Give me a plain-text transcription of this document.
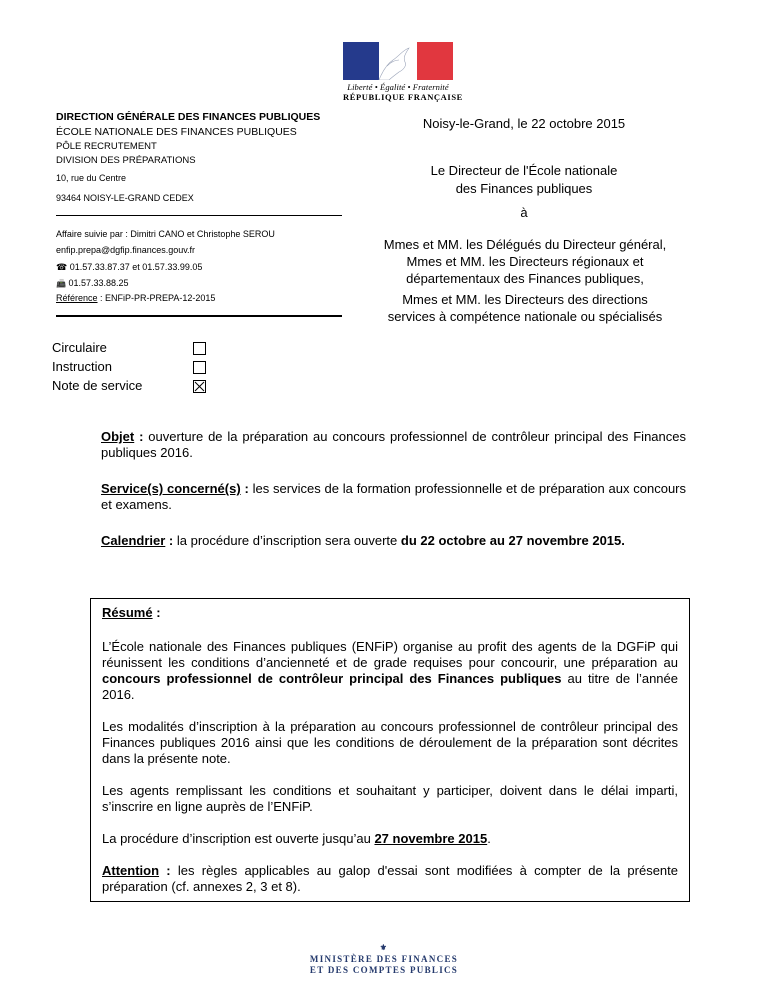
Liberté • Égalité • Fraternité
RÉPUBLIQUE FRANÇAISE
DIRECTION GÉNÉRALE DES FINANCES PUBLIQUES
ÉCOLE NATIONALE DES FINANCES PUBLIQUES
PÔLE RECRUTEMENT
DIVISION DES PRÉPARATIONS
10, rue du Centre
93464 NOISY-LE-GRAND CEDEX
Affaire suivie par : Dimitri CANO et Christophe SEROU
enfip.prepa@dgfip.finances.gouv.fr
☎ 01.57.33.87.37 et 01.57.33.99.05
📠 01.57.33.88.25
Référence : ENFiP-PR-PREPA-12-2015
Noisy-le-Grand, le 22 octobre 2015
Le Directeur de l'École nationale
des Finances publiques
à
Mmes et MM. les Délégués du Directeur général,
Mmes et MM. les Directeurs régionaux et
départementaux des Finances publiques,
Mmes et MM. les Directeurs des directions
services à compétence nationale ou spécialisés
Circulaire
Instruction
Note de service
Objet : ouverture de la préparation au concours professionnel de contrôleur principal des Finances publiques 2016.
Service(s) concerné(s) : les services de la formation professionnelle et de préparation aux concours et examens.
Calendrier : la procédure d’inscription sera ouverte du 22 octobre au 27 novembre 2015.
Résumé :
L’École nationale des Finances publiques (ENFiP) organise au profit des agents de la DGFiP qui réunissent les conditions d’ancienneté et de grade requises pour concourir, une préparation au concours professionnel de contrôleur principal des Finances publiques au titre de l’année 2016.
Les modalités d’inscription à la préparation au concours professionnel de contrôleur principal des Finances publiques 2016 ainsi que les conditions de déroulement de la préparation sont décrites dans la présente note.
Les agents remplissant les conditions et souhaitant y participer, doivent dans le délai imparti, s’inscrire en ligne auprès de l’ENFiP.
La procédure d’inscription est ouverte jusqu’au 27 novembre 2015.
Attention : les règles applicables au galop d'essai sont modifiées à compter de la présente préparation (cf. annexes 2, 3 et 8).
⚜
MINISTÈRE DES FINANCES
ET DES COMPTES PUBLICS
